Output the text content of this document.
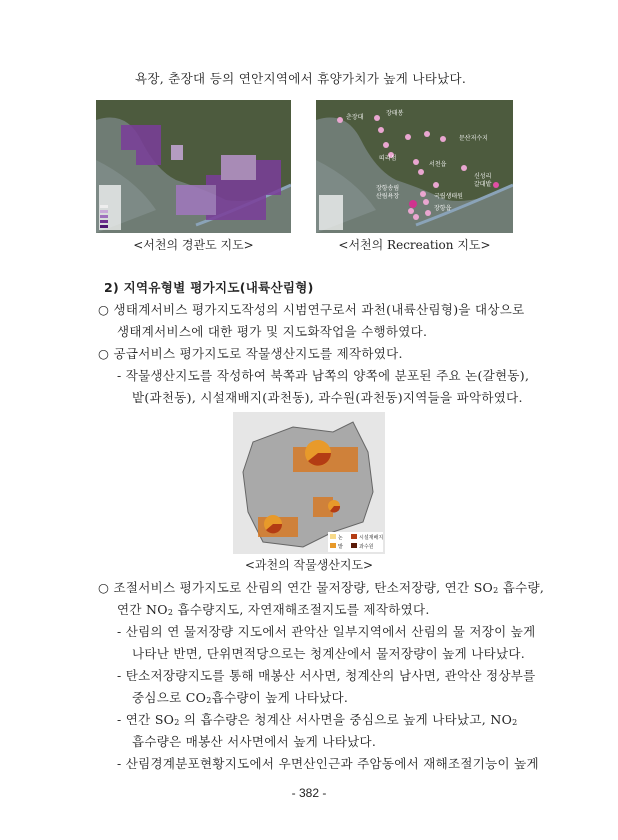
욕장, 춘장대 등의 연안지역에서 휴양가치가 높게 나타났다.
<서천의 경관도 지도>
춘장대
장태봉
문산저수지
띠리섬
서천읍
신성리
갈대밭
장항송림
산림욕장	국립생태원
장항읍
<서천의 Recreation 지도>
2) 지역유형별 평가지도(내륙산림형)
○ 생태계서비스 평가지도작성의 시범연구로서 과천(내륙산림형)을 대상으로
생태계서비스에 대한 평가 및 지도화작업을 수행하였다.
○ 공급서비스 평가지도로 작물생산지도를 제작하였다.
- 작물생산지도를 작성하여 북쪽과 남쪽의 양쪽에 분포된 주요 논(갈현동),
밭(과천동), 시설재배지(과천동), 과수원(과천동)지역들을 파악하였다.
논
밭
시설재배지
과수원
<과천의 작물생산지도>
○ 조절서비스 평가지도로 산림의 연간 물저장량, 탄소저장량, 연간 $SO_2$ 흡수량,
연간 $NO_2$ 흡수량지도, 자연재해조절지도를 제작하였다.
- 산림의 연 물저장량 지도에서 관악산 일부지역에서 산림의 물 저장이 높게
나타난 반면, 단위면적당으로는 청계산에서 물저장량이 높게 나타났다.
- 탄소저장량지도를 통해 매봉산 서사면, 청계산의 남사면, 관악산 정상부를
중심으로 $CO_2$흡수량이 높게 나타났다.
- 연간 $SO_2$ 의 흡수량은 청계산 서사면을 중심으로 높게 나타났고, $NO_2$
흡수량은 매봉산 서사면에서 높게 나타났다.
- 산림경계분포현황지도에서 우면산인근과 주암동에서 재해조절기능이 높게
- 382 -
